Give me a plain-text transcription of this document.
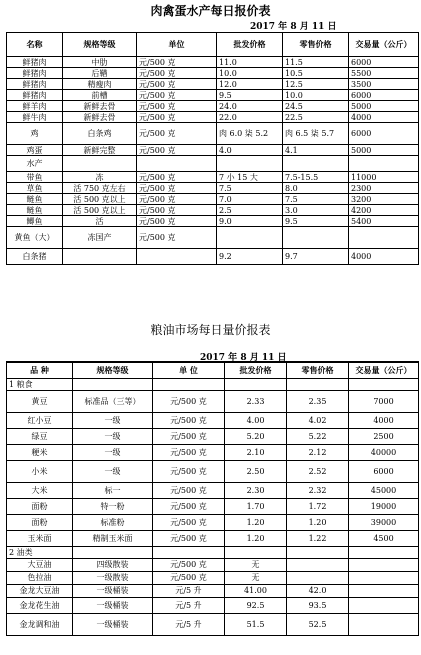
肉禽蛋水产每日报价表
2017 年 8 月 11 日
名称	规格等级	单位	批发价格	零售价格	交易量（公斤）
鲜猪肉	中肋	元/500 克	11.0	11.5	6000
鲜猪肉	后鞧	元/500 克	10.0	10.5	5500
鲜猪肉	精瘦肉	元/500 克	12.0	12.5	3500
鲜猪肉	前槽	元/500 克	9.5	10.0	6000
鲜羊肉	新鲜去骨	元/500 克	24.0	24.5	5000
鲜牛肉	新鲜去骨	元/500 克	22.0	22.5	4000
鸡	白条鸡	元/500 克	肉 6.0 柒 5.2	肉 6.5 柒 5.7	6000
鸡蛋	新鲜完整	元/500 克	4.0	4.1	5000
水产					
带鱼	冻	元/500 克	7 小 15 大	7.5-15.5	11000
草鱼	活 750 克左右	元/500 克	7.5	8.0	2300
鲢鱼	活 500 克以上	元/500 克	7.0	7.5	3200
鲢鱼	活 500 克以上	元/500 克	2.5	3.0	4200
鲫鱼	活	元/500 克	9.0	9.5	5400
黄鱼（大）	冻国产	元/500 克			
白条猪			9.2	9.7	4000
粮油市场每日量价报表
2017 年 8 月 11 日
品 种	规格等级	单 位	批发价格	零售价格	交易量（公斤）
1 粮食					
黄豆	标准品（三等）	元/500 克	2.33	2.35	7000
红小豆	一级	元/500 克	4.00	4.02	4000
绿豆	一级	元/500 克	5.20	5.22	2500
粳米	一级	元/500 克	2.10	2.12	40000
小米	一级	元/500 克	2.50	2.52	6000
大米	标一	元/500 克	2.30	2.32	45000
面粉	特一粉	元/500 克	1.70	1.72	19000
面粉	标准粉	元/500 克	1.20	1.20	39000
玉米面	精制玉米面	元/500 克	1.20	1.22	4500
2 油类					
大豆油	四级散装	元/500 克	无		
色拉油	一级散装	元/500 克	无		
金龙大豆油	一级桶装	元/5 升	41.00	42.0	
金龙花生油	一级桶装	元/5 升	92.5	93.5	
金龙调和油	一级桶装	元/5 升	51.5	52.5	
